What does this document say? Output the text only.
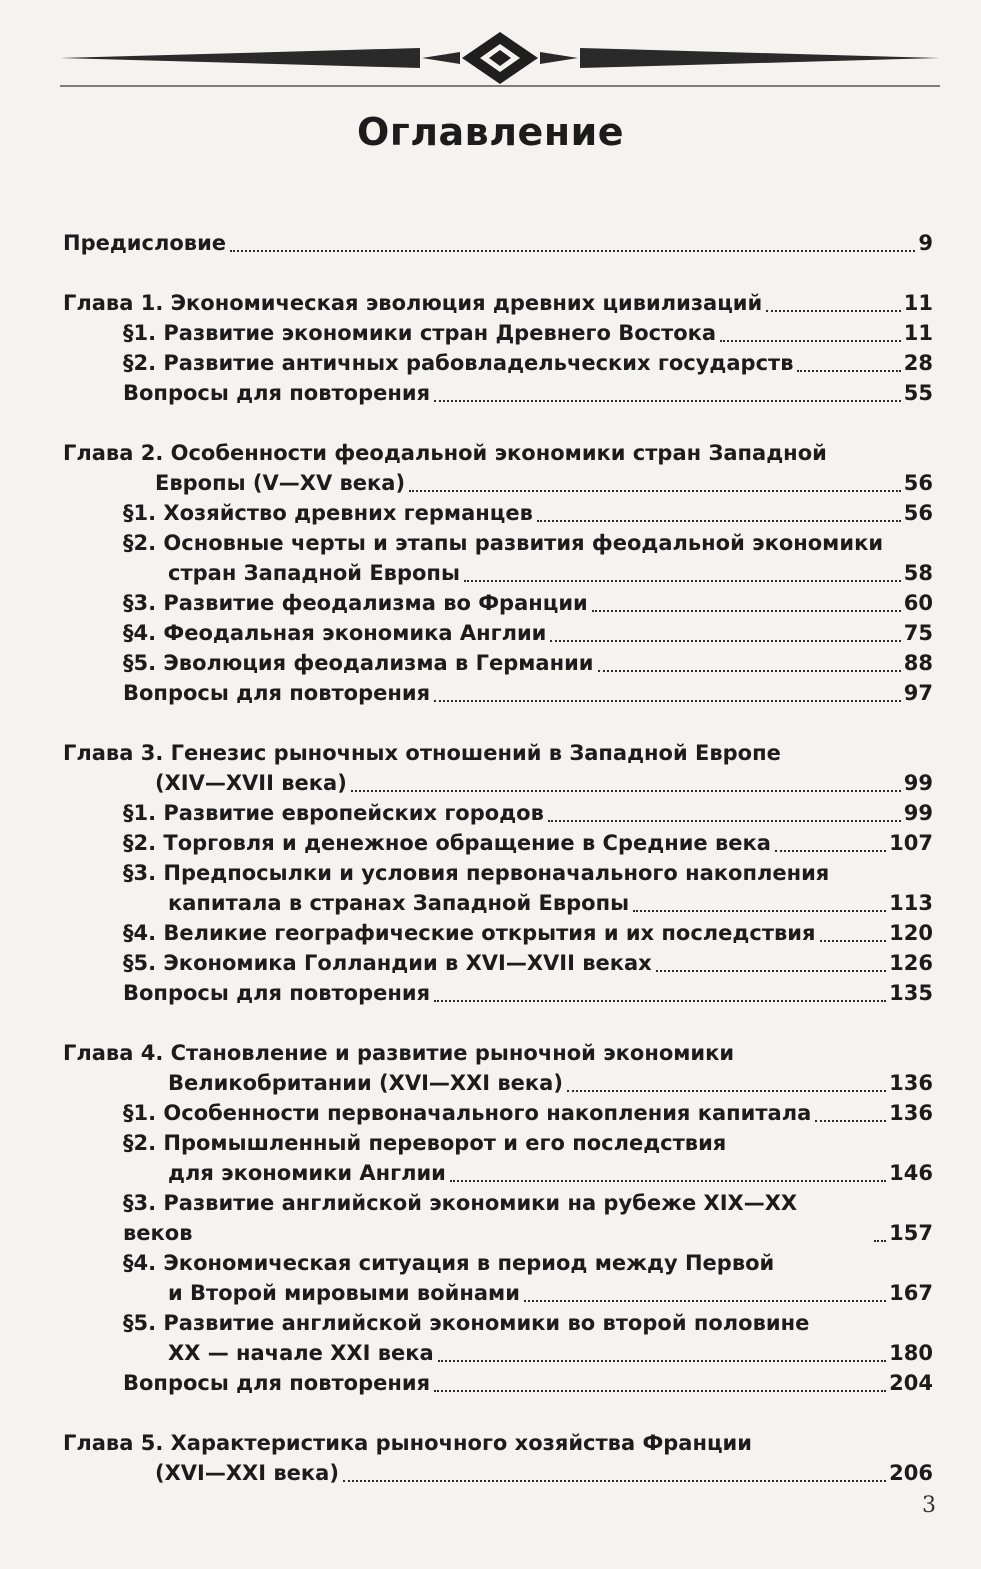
Оглавление
Предисловие	9
Глава 1. Экономическая эволюция древних цивилизаций	11
§1. Развитие экономики стран Древнего Востока	11
§2. Развитие античных рабовладельческих государств	28
Вопросы для повторения	55
Глава 2. Особенности феодальной экономики стран Западной
Европы (V—XV века)	56
§1. Хозяйство древних германцев	56
§2. Основные черты и этапы развития феодальной экономики
стран Западной Европы	58
§3. Развитие феодализма во Франции	60
§4. Феодальная экономика Англии	75
§5. Эволюция феодализма в Германии	88
Вопросы для повторения	97
Глава 3. Генезис рыночных отношений в Западной Европе
(XIV—XVII века)	99
§1. Развитие европейских городов	99
§2. Торговля и денежное обращение в Средние века	107
§3. Предпосылки и условия первоначального накопления
капитала в странах Западной Европы	113
§4. Великие географические открытия и их последствия	120
§5. Экономика Голландии в XVI—XVII веках	126
Вопросы для повторения	135
Глава 4. Становление и развитие рыночной экономики
Великобритании (XVI—XXI века)	136
§1. Особенности первоначального накопления капитала	136
§2. Промышленный переворот и его последствия
для экономики Англии	146
§3. Развитие английской экономики на рубеже XIX—XX веков	157
§4. Экономическая ситуация в период между Первой
и Второй мировыми войнами	167
§5. Развитие английской экономики во второй половине
XX — начале XXI века	180
Вопросы для повторения	204
Глава 5. Характеристика рыночного хозяйства Франции
(XVI—XXI века)	206
3
